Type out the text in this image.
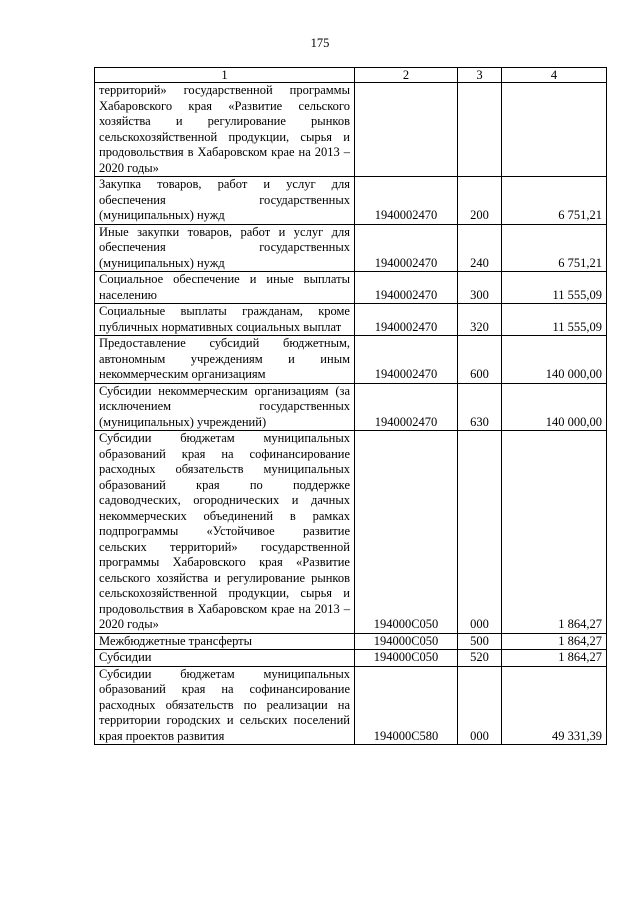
175
1	2	3	4
территорий» государственной программы Хабаровского края «Развитие сельского хозяйства и регулирование рынков сельскохозяйственной продукции, сырья и продовольствия в Хабаровском крае на 2013 – 2020 годы»			
Закупка товаров, работ и услуг для обеспечения государственных (муниципальных) нужд	1940002470	200	6 751,21
Иные закупки товаров, работ и услуг для обеспечения государственных (муниципальных) нужд	1940002470	240	6 751,21
Социальное обеспечение и иные выплаты населению	1940002470	300	11 555,09
Социальные выплаты гражданам, кроме публичных нормативных социальных выплат	1940002470	320	11 555,09
Предоставление субсидий бюджетным, автономным учреждениям и иным некоммерческим организациям	1940002470	600	140 000,00
Субсидии некоммерческим организациям (за исключением государственных (муниципальных) учреждений)	1940002470	630	140 000,00
Субсидии бюджетам муниципальных образований края на софинансирование расходных обязательств муниципальных образований края по поддержке садоводческих, огороднических и дачных некоммерческих объединений в рамках подпрограммы «Устойчивое развитие сельских территорий» государственной программы Хабаровского края «Развитие сельского хозяйства и регулирование рынков сельскохозяйственной продукции, сырья и продовольствия в Хабаровском крае на 2013 – 2020 годы»	194000С050	000	1 864,27
Межбюджетные трансферты	194000С050	500	1 864,27
Субсидии	194000С050	520	1 864,27
Субсидии бюджетам муниципальных образований края на софинансирование расходных обязательств по реализации на территории городских и сельских поселений края проектов развития	194000С580	000	49 331,39
